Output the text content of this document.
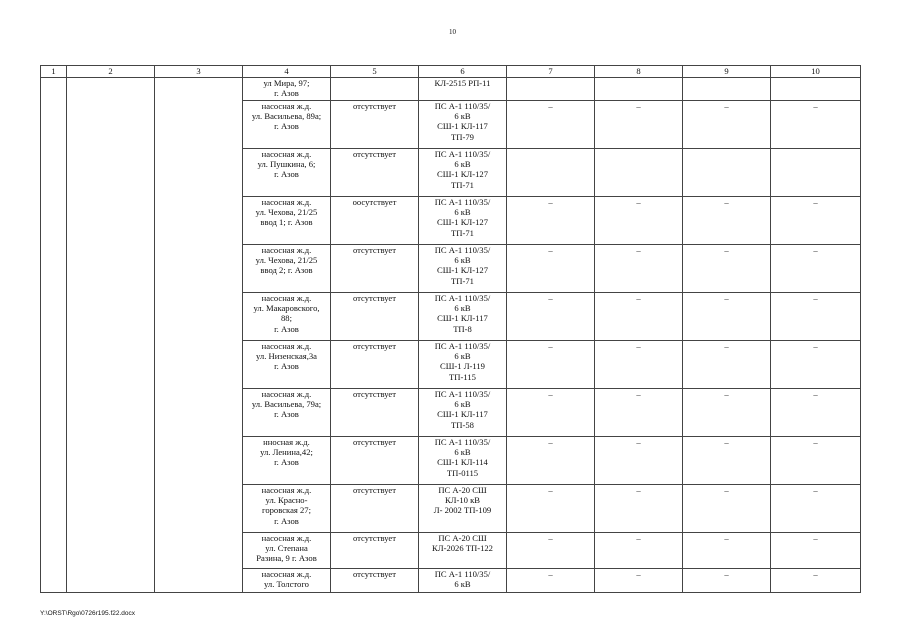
10
1	2	3	4	5	6	7	8	9	10

			ул Мира, 97;
г. Азов		КЛ-2515 РП-11				

			насосная ж.д.
ул. Васильева, 89а;
г. Азов	отсутствует	ПС А-1 110/35/
6 кВ
СШ-1 КЛ-117
ТП-79	–	–	–	–

			насосная ж.д.
ул. Пушкина, 6;
г. Азов	отсутствует	ПС А-1 110/35/
6 кВ
СШ-1 КЛ-127
ТП-71				

			насосная ж.д.
ул. Чехова, 21/25
ввод 1; г. Азов	оосутствует	ПС А-1 110/35/
6 кВ
СШ-1 КЛ-127
ТП-71	–	–	–	–

			насосная ж.д.
ул. Чехова, 21/25
ввод 2; г. Азов	отсутствует	ПС А-1 110/35/
6 кВ
СШ-1 КЛ-127
ТП-71	–	–	–	–

			насосная ж.д.
ул. Макаровского,
88;
г. Азов	отсутствует	ПС А-1 110/35/
6 кВ
СШ-1 КЛ-117
ТП-8	–	–	–	–

			насосная ж.д.
ул. Низенская,3а
г. Азов	отсутствует	ПС А-1 110/35/
6 кВ
СШ-1 Л-119
ТП-115	–	–	–	–

			насосная ж.д.
ул. Васильева, 79а;
г. Азов	отсутствует	ПС А-1 110/35/
6 кВ
СШ-1 КЛ-117
ТП-58	–	–	–	–

			нносная ж.д.
ул. Ленина,42;
г. Азов	отсутствует	ПС А-1 110/35/
6 кВ
СШ-1 КЛ-114
ТП-0115	–	–	–	–

			насосная ж.д.
ул. Красно-
горовская 27;
г. Азов	отсутствует	ПС А-20 СШ
КЛ-10 кВ
Л- 2002 ТП-109	–	–	–	–

			насосная ж.д.
ул. Степана
Разина, 9 г. Азов	отсутствует	ПС А-20 СШ
КЛ-2026 ТП-122	–	–	–	–

			насосная ж.д.
ул. Толстого	отсутствует	ПС А-1 110/35/
6 кВ	–	–	–	–
Y:\ORST\Rgo\0726r195.f22.docx
